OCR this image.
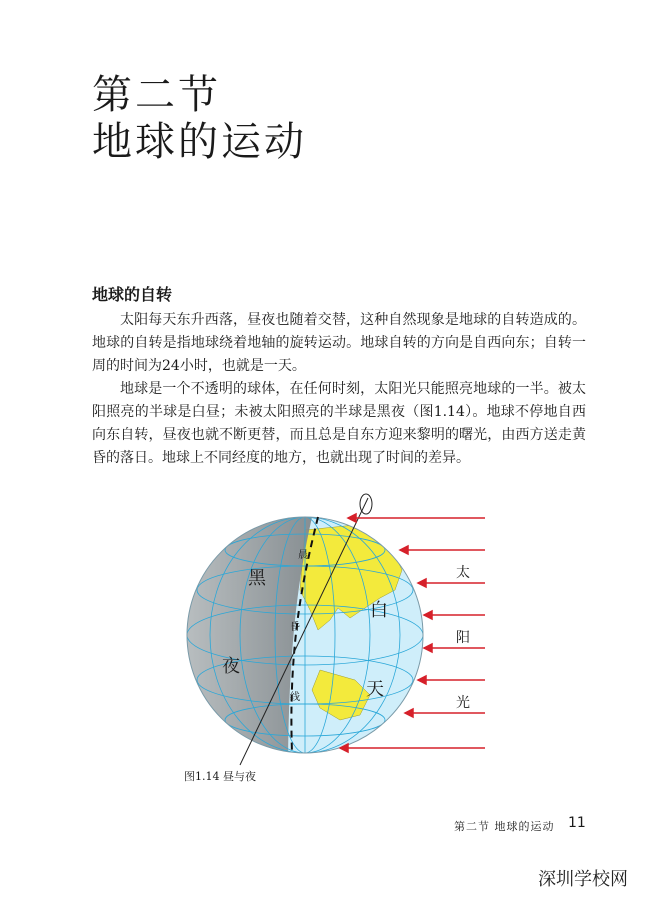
第二节
地球的运动
地球的自转
太阳每天东升西落，昼夜也随着交替，这种自然现象是地球的自转造成的。地球的自转是指地球绕着地轴的旋转运动。地球自转的方向是自西向东；自转一周的时间为24小时，也就是一天。
地球是一个不透明的球体，在任何时刻，太阳光只能照亮地球的一半。被太阳照亮的半球是白昼；未被太阳照亮的半球是黑夜（图1.14）。地球不停地自西向东自转，昼夜也就不断更替，而且总是自东方迎来黎明的曙光，由西方送走黄昏的落日。地球上不同经度的地方，也就出现了时间的差异。
黑
夜
白
天
晨
昏
线
太
阳
光
图1.14 昼与夜
第二节 地球的运动 11
深圳学校网
